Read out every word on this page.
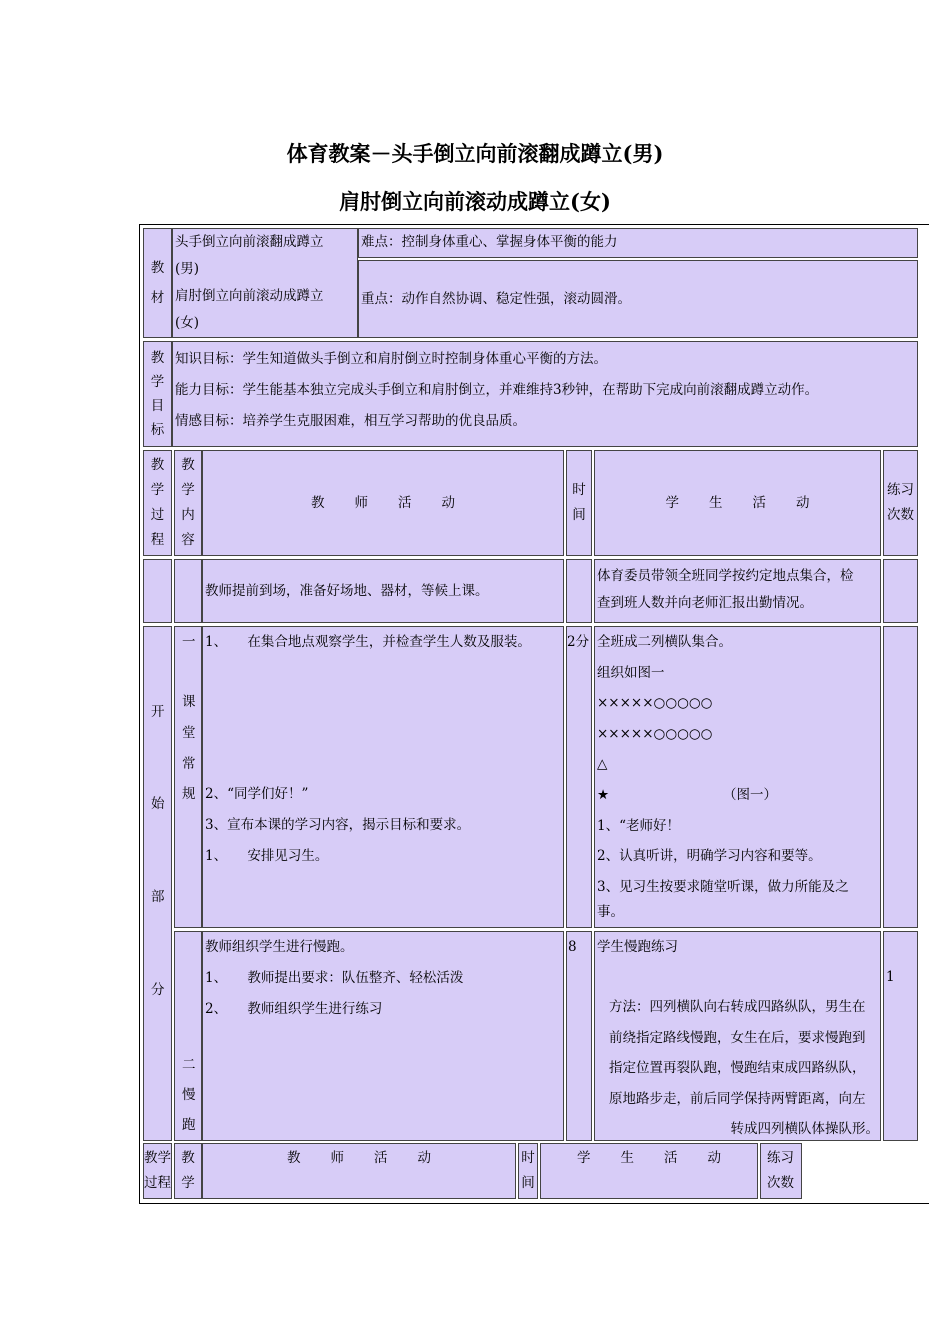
体育教案－头手倒立向前滚翻成蹲立(男)
肩肘倒立向前滚动成蹲立(女)
教
材
头手倒立向前滚翻成蹲立
(男)
肩肘倒立向前滚动成蹲立
(女)
难点：控制身体重心、掌握身体平衡的能力
重点：动作自然协调、稳定性强，滚动圆滑。
教
学
目
标
知识目标：学生知道做头手倒立和肩肘倒立时控制身体重心平衡的方法。
能力目标：学生能基本独立完成头手倒立和肩肘倒立，并难维持3秒钟，在帮助下完成向前滚翻成蹲立动作。
情感目标：培养学生克服困难，相互学习帮助的优良品质。
教
学
过
程
教
学
内
容
教师活动
时
间
学生活动
练习
次数
教师提前到场，准备好场地、器材，等候上课。
体育委员带领全班同学按约定地点集合，检
查到班人数并向老师汇报出勤情况。
开
始
部
分
一
课
堂
常
规
1、　　在集合地点观察学生，并检查学生人数及服装。
2、“同学们好！”
3、宣布本课的学习内容，揭示目标和要求。
1、　　安排见习生。
2分 全班成二列横队集合。
组织如图一
×××××○○○○○
×××××○○○○○
△
★
1、“老师好！
2、认真听讲，明确学习内容和要等。
3、见习生按要求随堂听课，做力所能及之
事。
（图一）
二
慢
跑
教师组织学生进行慢跑。
1、　　教师提出要求：队伍整齐、轻松活泼
2、　　教师组织学生进行练习
8 学生慢跑练习
方法：四列横队向右转成四路纵队，男生在
前绕指定路线慢跑，女生在后，要求慢跑到
指定位置再裂队跑，慢跑结束成四路纵队，
原地路步走，前后同学保持两臂距离，向左
转成四列横队体操队形。
1
教学
过程
教
学
教师活动	时
间
学生活动	练习
次数
